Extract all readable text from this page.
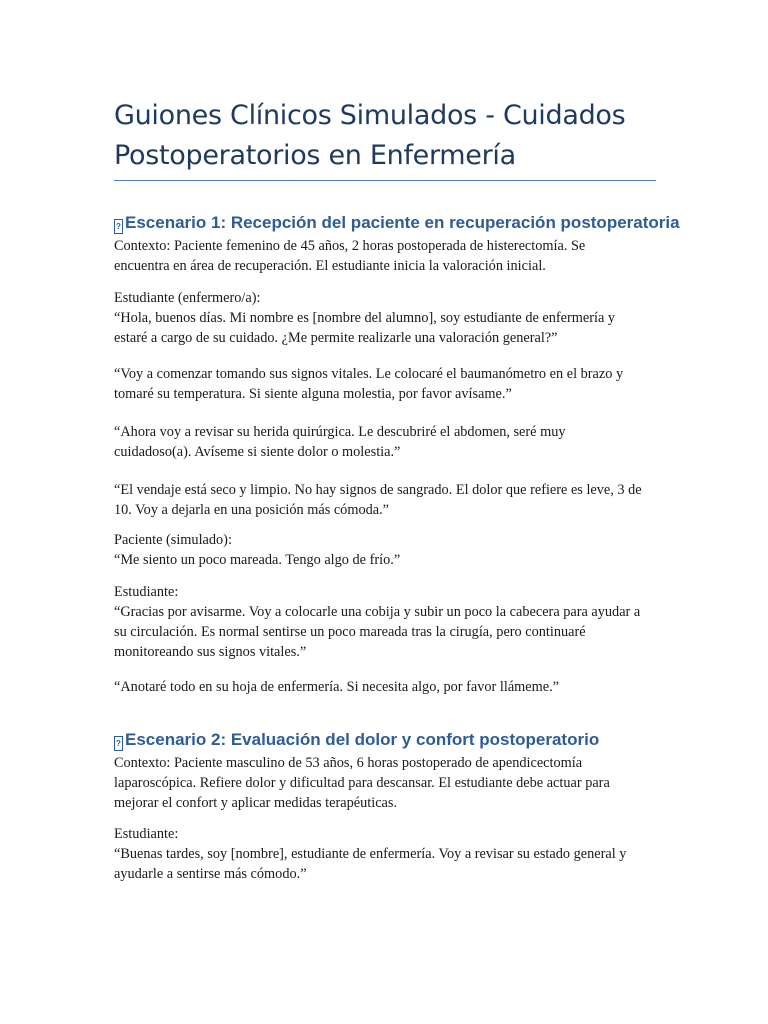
Guiones Clínicos Simulados - Cuidados
Postoperatorios en Enfermería
? Escenario 1: Recepción del paciente en recuperación postoperatoria

Contexto: Paciente femenino de 45 años, 2 horas postoperada de histerectomía. Se
encuentra en área de recuperación. El estudiante inicia la valoración inicial.

Estudiante (enfermero/a):
“Hola, buenos días. Mi nombre es [nombre del alumno], soy estudiante de enfermería y
estaré a cargo de su cuidado. ¿Me permite realizarle una valoración general?”

“Voy a comenzar tomando sus signos vitales. Le colocaré el baumanómetro en el brazo y
tomaré su temperatura. Si siente alguna molestia, por favor avísame.”

“Ahora voy a revisar su herida quirúrgica. Le descubriré el abdomen, seré muy
cuidadoso(a). Avíseme si siente dolor o molestia.”

“El vendaje está seco y limpio. No hay signos de sangrado. El dolor que refiere es leve, 3 de
10. Voy a dejarla en una posición más cómoda.”

Paciente (simulado):
“Me siento un poco mareada. Tengo algo de frío.”

Estudiante:
“Gracias por avisarme. Voy a colocarle una cobija y subir un poco la cabecera para ayudar a
su circulación. Es normal sentirse un poco mareada tras la cirugía, pero continuaré
monitoreando sus signos vitales.”

“Anotaré todo en su hoja de enfermería. Si necesita algo, por favor llámeme.”

? Escenario 2: Evaluación del dolor y confort postoperatorio

Contexto: Paciente masculino de 53 años, 6 horas postoperado de apendicectomía
laparoscópica. Refiere dolor y dificultad para descansar. El estudiante debe actuar para
mejorar el confort y aplicar medidas terapéuticas.

Estudiante:
“Buenas tardes, soy [nombre], estudiante de enfermería. Voy a revisar su estado general y
ayudarle a sentirse más cómodo.”
